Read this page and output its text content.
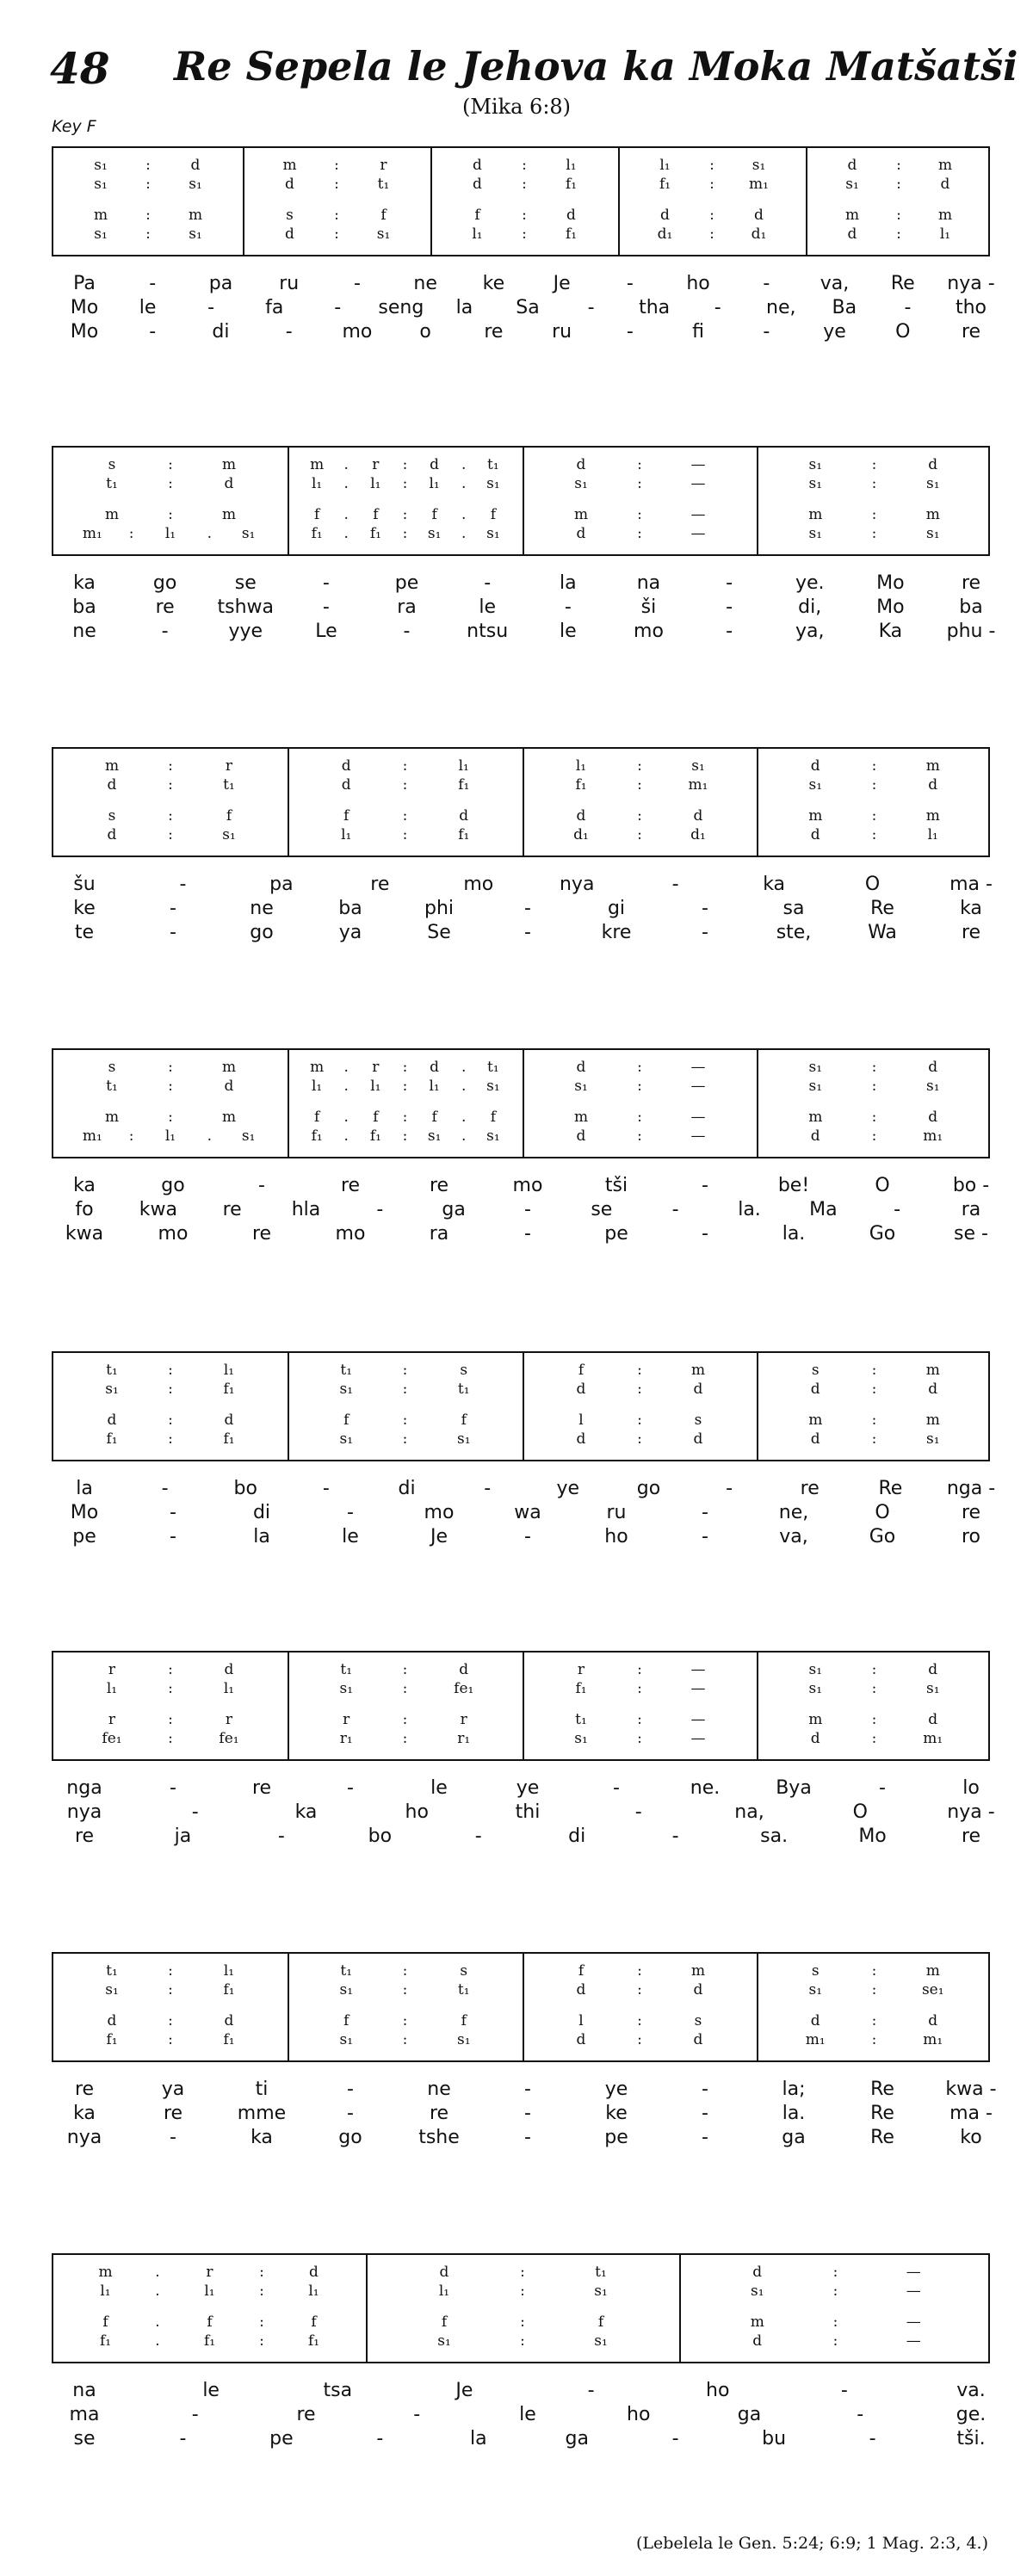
48 Re Sepela le Jehova ka Moka Matšatši
(Mika 6:8)
Key F
s₁	:	d	m	:	r	d	:	l₁	l₁	:	s₁	d	:	m
s₁	:	s₁	d	:	t₁	d	:	f₁	f₁	: m₁	s₁	:	d
m	:	m	s	:	f	f	:	d	d	:	d	m	:	m
s₁	:	s₁	d	:	s₁	l₁	:	f₁	d₁	:	d₁	d	:	l₁
Pa	-	pa ru	-	ne ke	Je	-	ho	-	va, Re nya -
Mo le	-	fa	- seng la Sa	- tha - ne, Ba	- tho
Mo	-	di	-	mo	o	re	ru	-	fi	-	ye	O	re
s	:	m	m . r : d . t₁	d	:	—	s₁	:	d
t₁	:	d	l₁ . l₁ : l₁ . s₁	s₁	:	—	s₁	:	s₁
m	:	m	f . f : f . f	m	:	—	m	:	m
m₁ : l₁ . s₁	f₁ . f₁ : s₁ . s₁	d	:	—	s₁	:	s₁
ka	go	se	-	pe	-	la	na	-	ye.	Mo	re
ba	re tshwa	-	ra	le	-	ši	-	di,	Mo	ba
ne	-	yye	Le	-	ntsu	le	mo	-	ya,	Ka phu -
m	:	r	d	:	l₁	l₁	:	s₁	d	:	m
d	:	t₁	d	:	f₁	f₁	:	m₁	s₁	:	d
s	:	f	f	:	d	d	:	d	m	:	m
d	:	s₁	l₁	:	f₁	d₁	:	d₁	d	:	l₁
šu	-	pa	re	mo	nya	-	ka	O	ma -
ke	-	ne	ba	phi	-	gi	-	sa	Re	ka
te	-	go	ya	Se	-	kre	-	ste,	Wa	re
s	:	m	m . r : d . t₁	d	:	—	s₁	:	d
t₁	:	d	l₁ . l₁ : l₁ . s₁	s₁	:	—	s₁	:	s₁
m	:	m	f . f : f . f	m	:	—	m	:	d
m₁ : l₁ . s₁	f₁ . f₁ : s₁ . s₁	d	:	—	d	:	m₁
ka	go	-	re	re	mo	tši	-	be!	O	bo -
fo kwa re	hla	-	ga	-	se	-	la.	Ma	-	ra
kwa	mo	re	mo	ra	-	pe	-	la.	Go	se -
t₁	:	l₁	t₁	:	s	f	:	m	s	:	m
s₁	:	f₁	s₁	:	t₁	d	:	d	d	:	d
d	:	d	f	:	f	l	:	s	m	:	m
f₁	:	f₁	s₁	:	s₁	d	:	d	d	:	s₁
la	-	bo	-	di	-	ye	go	-	re	Re nga -
Mo	-	di	-	mo	wa	ru	-	ne,	O	re
pe	-	la	le	Je	-	ho	-	va,	Go	ro
r	:	d	t₁	:	d	r	:	—	s₁	:	d
l₁	:	l₁	s₁	:	fe₁	f₁	:	—	s₁	:	s₁
r	:	r	r	:	r	t₁	:	—	m	:	d
fe₁	:	fe₁	r₁	:	r₁	s₁	:	—	d	:	m₁
nga	-	re	-	le	ye	-	ne.	Bya	-	lo
nya	-	ka	ho	thi	-	na,	O	nya -
re	ja	-	bo	-	di	-	sa.	Mo	re
t₁	:	l₁	t₁	:	s	f	:	m	s	:	m
s₁	:	f₁	s₁	:	t₁	d	:	d	s₁	:	se₁
d	:	d	f	:	f	l	:	s	d	:	d
f₁	:	f₁	s₁	:	s₁	d	:	d	m₁	:	m₁
re	ya	ti	-	ne	-	ye	-	la;	Re	kwa -
ka	re	mme	-	re	-	ke	-	la.	Re	ma -
nya	-	ka	go	tshe	-	pe	-	ga	Re	ko
m	.	r	:	d	d	:	t₁	d	:	—
l₁	.	l₁	:	l₁	l₁	:	s₁	s₁	:	—
f	.	f	:	f	f	:	f	m	:	—
f₁	.	f₁	:	f₁	s₁	:	s₁	d	:	—
na	le	tsa	Je	-	ho	-	va.
ma	-	re	-	le	ho	ga	-	ge.
se	-	pe	-	la	ga	-	bu	-	tši.
(Lebelela le Gen. 5:24; 6:9; 1 Mag. 2:3, 4.)
